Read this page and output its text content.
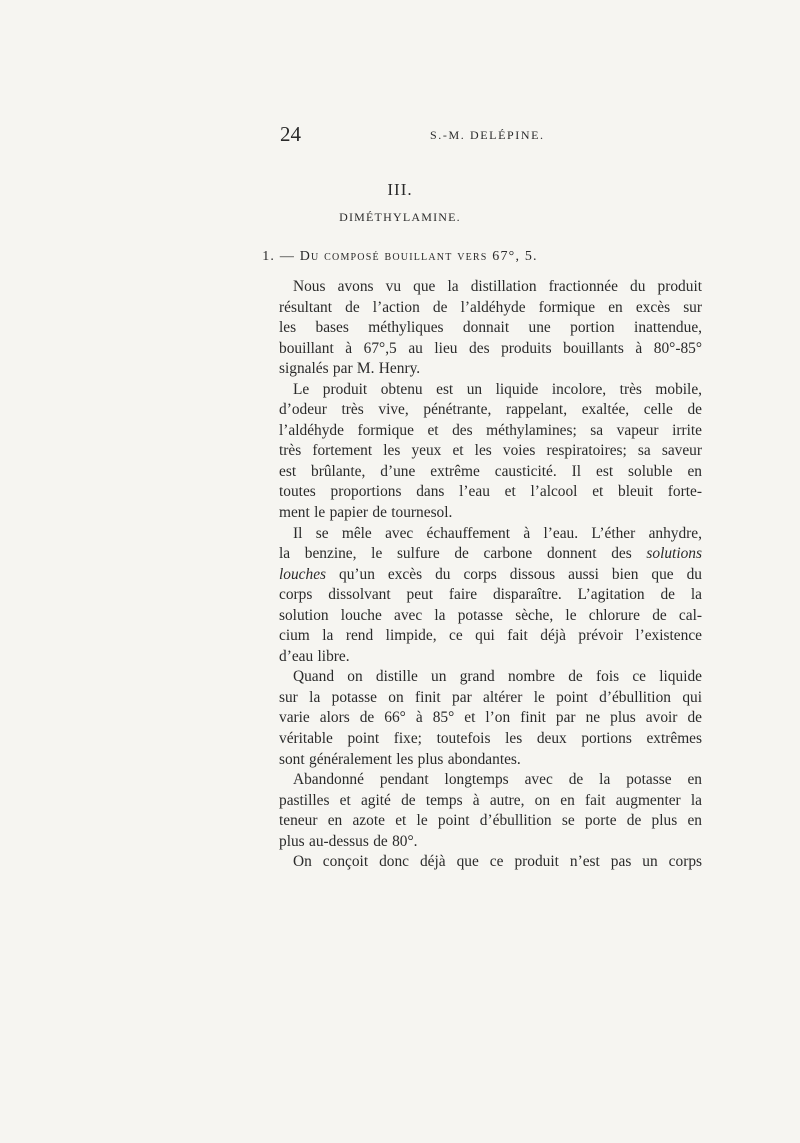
24	S.-M. DELÉPINE.
III.
DIMÉTHYLAMINE.
1. — Du composé bouillant vers 67°, 5.
Nous avons vu que la distillation fractionnée du produit
résultant de l’action de l’aldéhyde formique en excès sur
les bases méthyliques donnait une portion inattendue,
bouillant à 67°,5 au lieu des produits bouillants à 80°-85°
signalés par M. Henry.
Le produit obtenu est un liquide incolore, très mobile,
d’odeur très vive, pénétrante, rappelant, exaltée, celle de
l’aldéhyde formique et des méthylamines; sa vapeur irrite
très fortement les yeux et les voies respiratoires; sa saveur
est brûlante, d’une extrême causticité. Il est soluble en
toutes proportions dans l’eau et l’alcool et bleuit forte-
ment le papier de tournesol.
Il se mêle avec échauffement à l’eau. L’éther anhydre,
la benzine, le sulfure de carbone donnent des solutions
louches qu’un excès du corps dissous aussi bien que du
corps dissolvant peut faire disparaître. L’agitation de la
solution louche avec la potasse sèche, le chlorure de cal-
cium la rend limpide, ce qui fait déjà prévoir l’existence
d’eau libre.
Quand on distille un grand nombre de fois ce liquide
sur la potasse on finit par altérer le point d’ébullition qui
varie alors de 66° à 85° et l’on finit par ne plus avoir de
véritable point fixe; toutefois les deux portions extrêmes
sont généralement les plus abondantes.
Abandonné pendant longtemps avec de la potasse en
pastilles et agité de temps à autre, on en fait augmenter la
teneur en azote et le point d’ébullition se porte de plus en
plus au-dessus de 80°.
On conçoit donc déjà que ce produit n’est pas un corps
